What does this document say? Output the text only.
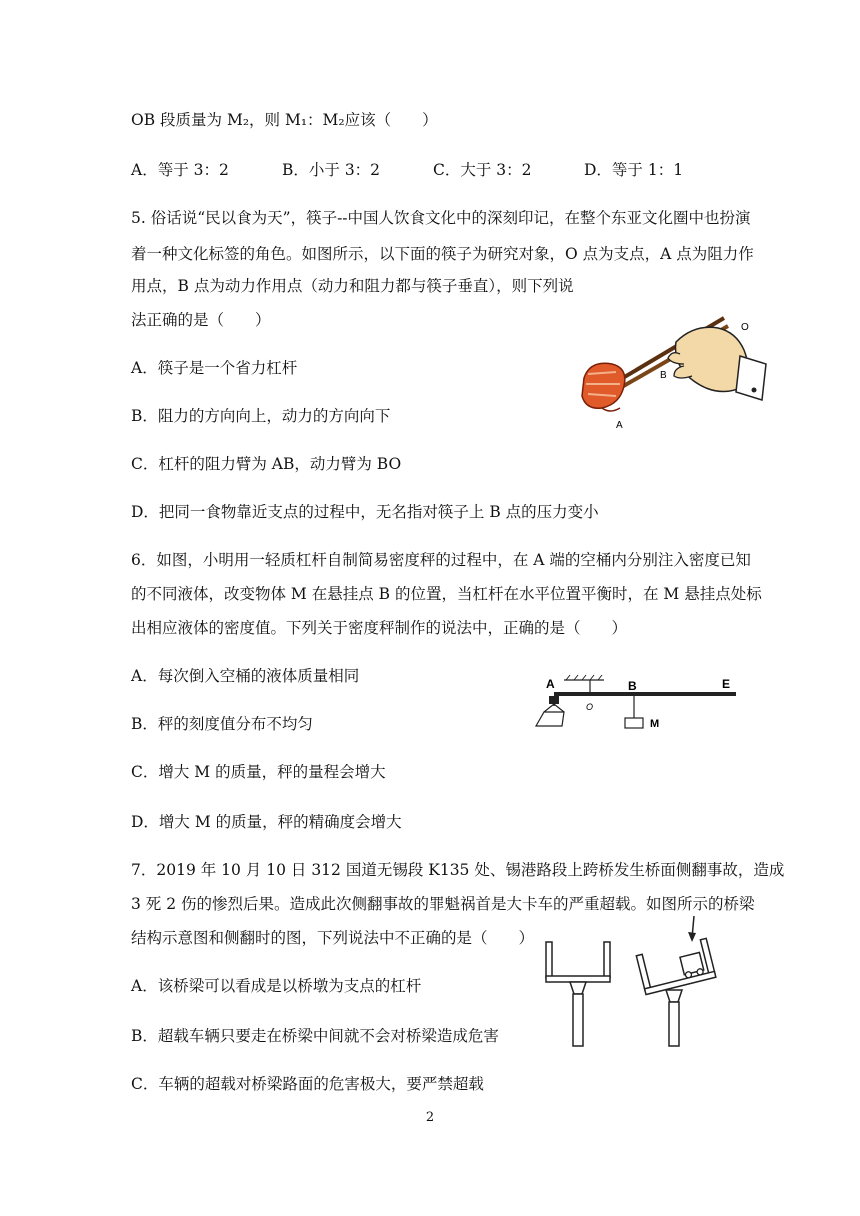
OB 段质量为 M₂，则 M₁：M₂应该（　　）
A．等于 3：2	B．小于 3：2	C．大于 3：2	D．等于 1：1
5. 俗话说“民以食为天”，筷子--中国人饮食文化中的深刻印记，在整个东亚文化圈中也扮演
着一种文化标签的角色。如图所示，以下面的筷子为研究对象，O 点为支点，A 点为阻力作
用点，B 点为动力作用点（动力和阻力都与筷子垂直），则下列说
法正确的是（　　）
A．筷子是一个省力杠杆
B．阻力的方向向上，动力的方向向下
C．杠杆的阻力臂为 AB，动力臂为 BO
D．把同一食物靠近支点的过程中，无名指对筷子上 B 点的压力变小
O
B
A
6．如图，小明用一轻质杠杆自制简易密度秤的过程中，在 A 端的空桶内分别注入密度已知
的不同液体，改变物体 M 在悬挂点 B 的位置，当杠杆在水平位置平衡时，在 M 悬挂点处标
出相应液体的密度值。下列关于密度秤制作的说法中，正确的是（　　）
A．每次倒入空桶的液体质量相同
B．秤的刻度值分布不均匀
C．增大 M 的质量，秤的量程会增大
D．增大 M 的质量，秤的精确度会增大
A
O
B	E
M
7．2019 年 10 月 10 日 312 国道无锡段 K135 处、锡港路段上跨桥发生桥面侧翻事故，造成
3 死 2 伤的惨烈后果。造成此次侧翻事故的罪魁祸首是大卡车的严重超载。如图所示的桥梁
结构示意图和侧翻时的图，下列说法中不正确的是（　　）
A．该桥梁可以看成是以桥墩为支点的杠杆
B．超载车辆只要走在桥梁中间就不会对桥梁造成危害
C．车辆的超载对桥梁路面的危害极大，要严禁超载
2
